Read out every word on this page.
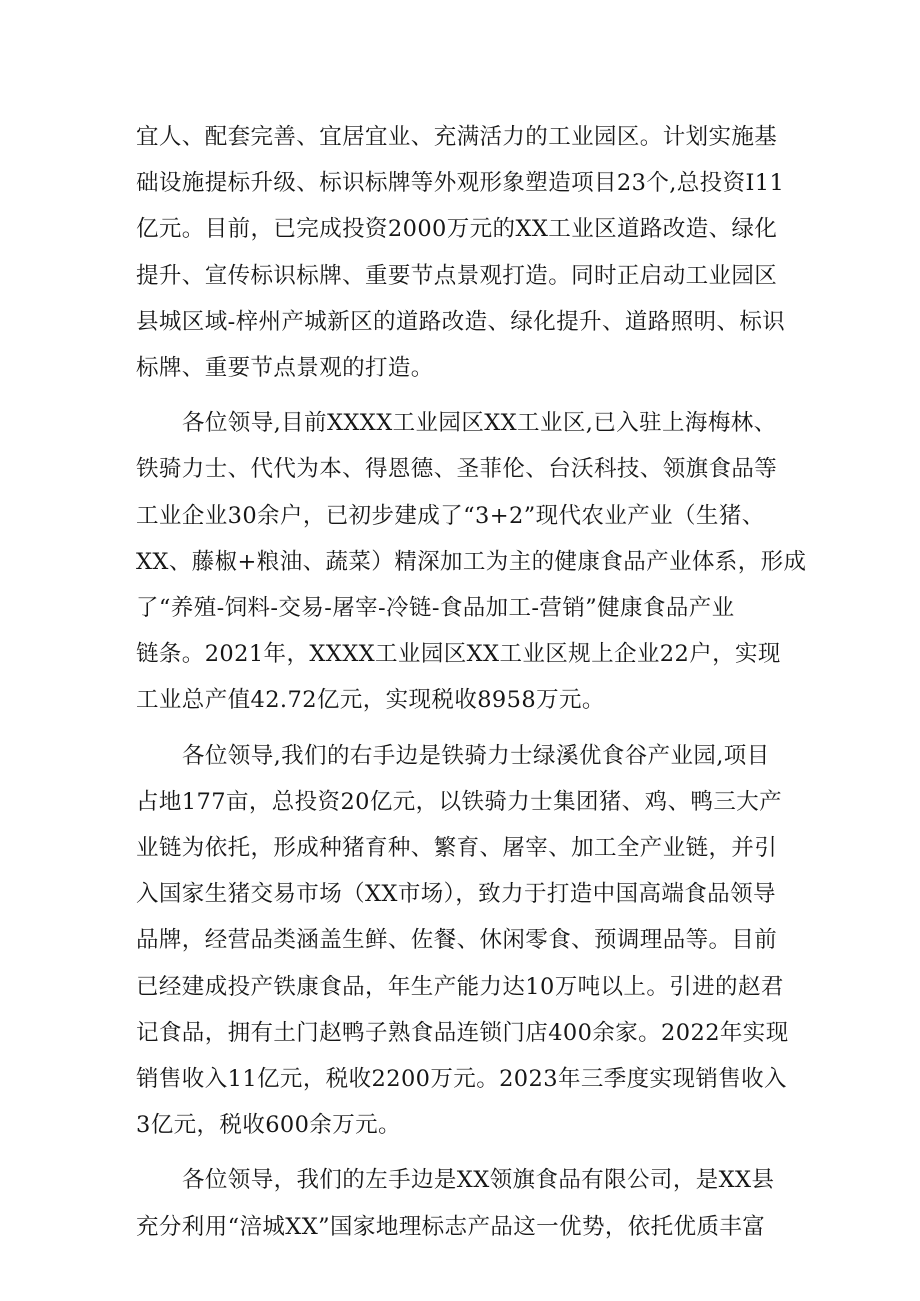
宜人、配套完善、宜居宜业、充满活力的工业园区。计划实施基
础设施提标升级、标识标牌等外观形象塑造项目23个,总投资I11
亿元。目前，已完成投资2000万元的XX工业区道路改造、绿化
提升、宣传标识标牌、重要节点景观打造。同时正启动工业园区
县城区域-梓州产城新区的道路改造、绿化提升、道路照明、标识
标牌、重要节点景观的打造。

各位领导,目前XXXX工业园区XX工业区,已入驻上海梅林、
铁骑力士、代代为本、得恩德、圣菲伦、台沃科技、领旗食品等
工业企业30余户，已初步建成了“3+2”现代农业产业（生猪、
XX、藤椒+粮油、蔬菜）精深加工为主的健康食品产业体系，形成
了“养殖-饲料-交易-屠宰-冷链-食品加工-营销”健康食品产业
链条。2021年，XXXX工业园区XX工业区规上企业22户，实现
工业总产值42.72亿元，实现税收8958万元。

各位领导,我们的右手边是铁骑力士绿溪优食谷产业园,项目
占地177亩，总投资20亿元，以铁骑力士集团猪、鸡、鸭三大产
业链为依托，形成种猪育种、繁育、屠宰、加工全产业链，并引
入国家生猪交易市场（XX市场），致力于打造中国高端食品领导
品牌，经营品类涵盖生鲜、佐餐、休闲零食、预调理品等。目前
已经建成投产铁康食品，年生产能力达10万吨以上。引进的赵君
记食品，拥有土门赵鸭子熟食品连锁门店400余家。2022年实现
销售收入11亿元，税收2200万元。2023年三季度实现销售收入
3亿元，税收600余万元。

各位领导，我们的左手边是XX领旗食品有限公司，是XX县
充分利用“涪城XX”国家地理标志产品这一优势，依托优质丰富
